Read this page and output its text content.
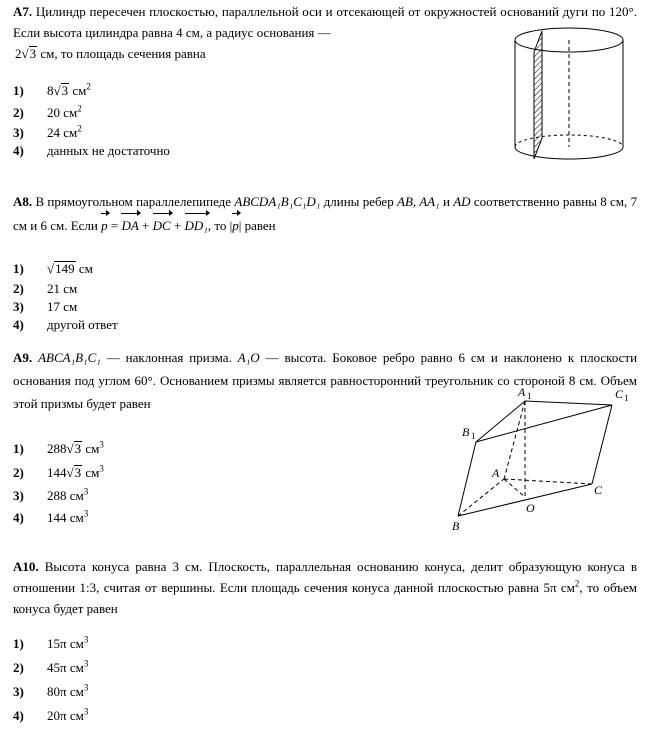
A7. Цилиндр пересечен плоскостью, параллельной оси и отсекающей от окружностей оснований дуги по 120°. Если высота цилиндра равна 4 см, а радиус основания —
2√3 см, то площадь сечения равна
1) 8√3 $см^2$
2) 20 $см^2$
3) 24 $см^2$
4) данных не достаточно
A8. В прямоугольном параллелепипеде ABCDA₁B₁C₁D₁ длины ребер AB, AA₁ и AD соответственно равны 8 см, 7 см и 6 см. Если p = DA + DC + DD₁, то |p| равен
1) √149 см
2) 21 см
3) 17 см
4) другой ответ
A9. ABCA₁B₁C₁ — наклонная призма. A₁O — высота. Боковое ребро равно 6 см и наклонено к плоскости основания под углом 60°. Основанием призмы является равносторонний треугольник со стороной 8 см. Объем этой призмы будет равен
A 1	C 1
B 1
A
C
O
B
1) 288√3 $см^3$
2) 144√3 $см^3$
3) 288 $см^3$
4) 144 $см^3$
A10. Высота конуса равна 3 см. Плоскость, параллельная основанию конуса, делит образующую конуса в отношении 1:3, считая от вершины. Если площадь сечения конуса данной плоскостью равна 5π $см^2$, то объем конуса будет равен
1) 15π $см^3$
2) 45π $см^3$
3) 80π $см^3$
4) 20π $см^3$
